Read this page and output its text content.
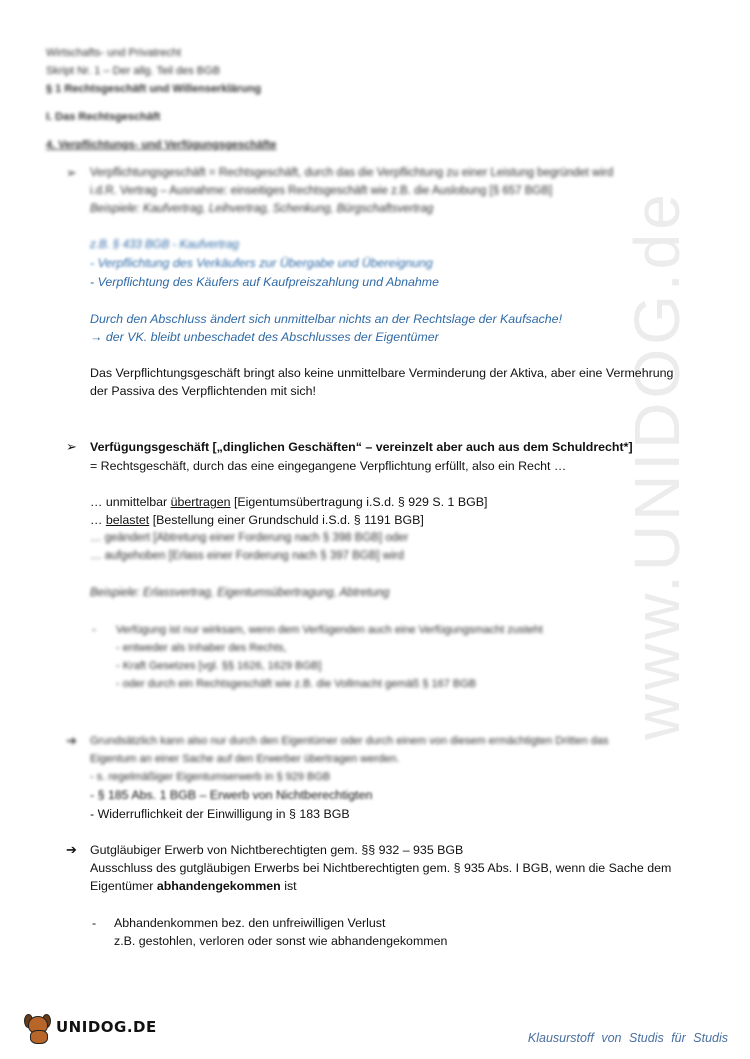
www.UNIDOG.de
Wirtschafts- und Privatrecht
Skript Nr. 1 – Der allg. Teil des BGB
§ 1 Rechtsgeschäft und Willenserklärung
I. Das Rechtsgeschäft
4. Verpflichtungs- und Verfügungsgeschäfte
➢ Verpflichtungsgeschäft = Rechtsgeschäft, durch das die Verpflichtung zu einer Leistung begründet wird
i.d.R. Vertrag – Ausnahme: einseitiges Rechtsgeschäft wie z.B. die Auslobung [§ 657 BGB]
Beispiele: Kaufvertrag, Leihvertrag, Schenkung, Bürgschaftsvertrag
z.B. § 433 BGB - Kaufvertrag
- Verpflichtung des Verkäufers zur Übergabe und Übereignung
- Verpflichtung des Käufers auf Kaufpreiszahlung und Abnahme
Durch den Abschluss ändert sich unmittelbar nichts an der Rechtslage der Kaufsache!
→ der VK. bleibt unbeschadet des Abschlusses der Eigentümer
Das Verpflichtungsgeschäft bringt also keine unmittelbare Verminderung der Aktiva, aber eine Vermehrung
der Passiva des Verpflichtenden mit sich!
➢ Verfügungsgeschäft [„dinglichen Geschäften“ – vereinzelt aber auch aus dem Schuldrecht*]
= Rechtsgeschäft, durch das eine eingegangene Verpflichtung erfüllt, also ein Recht …
… unmittelbar übertragen [Eigentumsübertragung i.S.d. § 929 S. 1 BGB]
… belastet [Bestellung einer Grundschuld i.S.d. § 1191 BGB]
… geändert [Abtretung einer Forderung nach § 398 BGB] oder
… aufgehoben [Erlass einer Forderung nach § 397 BGB] wird
Beispiele: Erlassvertrag, Eigentumsübertragung, Abtretung
- Verfügung ist nur wirksam, wenn dem Verfügenden auch eine Verfügungsmacht zusteht
- entweder als Inhaber des Rechts,
- Kraft Gesetzes [vgl. §§ 1626, 1629 BGB]
- oder durch ein Rechtsgeschäft wie z.B. die Vollmacht gemäß § 167 BGB
➔ Grundsätzlich kann also nur durch den Eigentümer oder durch einem von diesem ermächtigten Dritten das
Eigentum an einer Sache auf den Erwerber übertragen werden.
- s. regelmäßiger Eigentumserwerb in § 929 BGB
- § 185 Abs. 1 BGB – Erwerb von Nichtberechtigten
- Widerruflichkeit der Einwilligung in § 183 BGB
➔ Gutgläubiger Erwerb von Nichtberechtigten gem. §§ 932 – 935 BGB
Ausschluss des gutgläubigen Erwerbs bei Nichtberechtigten gem. § 935 Abs. I BGB, wenn die Sache dem
Eigentümer abhandengekommen ist
- Abhandenkommen bez. den unfreiwilligen Verlust
z.B. gestohlen, verloren oder sonst wie abhandengekommen
UNIDOG.DE
Klausurstoff von Studis für Studis
